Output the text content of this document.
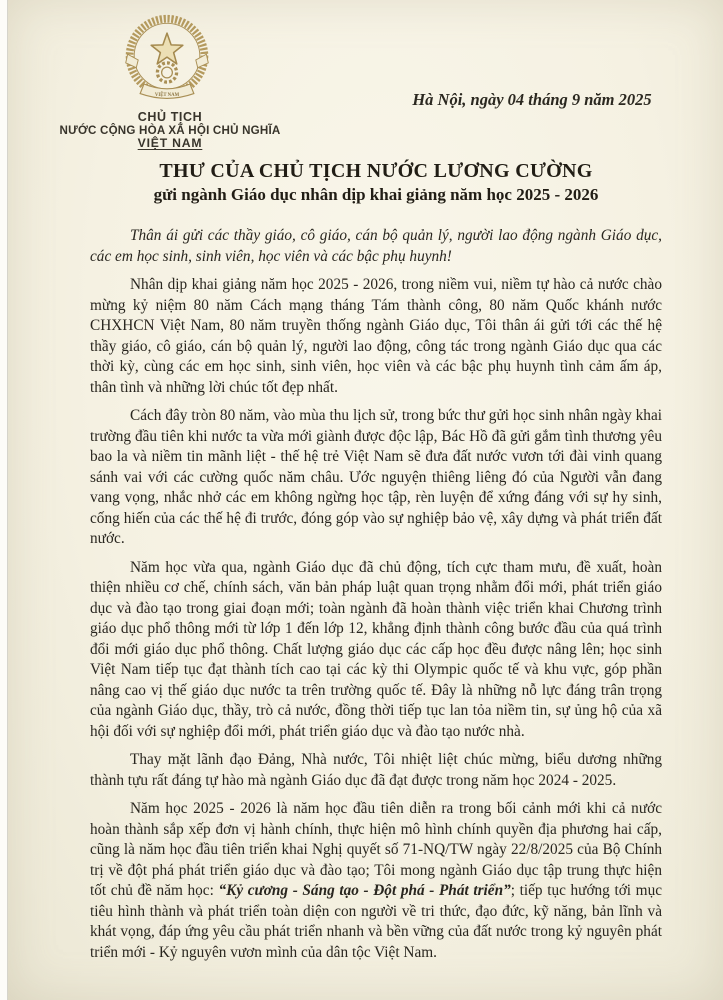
VIỆT NAM
CHỦ TỊCH
NƯỚC CỘNG HÒA XÃ HỘI CHỦ NGHĨA
VIỆT NAM
Hà Nội, ngày 04 tháng 9 năm 2025
THƯ CỦA CHỦ TỊCH NƯỚC LƯƠNG CƯỜNG
gửi ngành Giáo dục nhân dịp khai giảng năm học 2025 - 2026

Thân ái gửi các thầy giáo, cô giáo, cán bộ quản lý, người lao động ngành Giáo dục, các em học sinh, sinh viên, học viên và các bậc phụ huynh!

Nhân dịp khai giảng năm học 2025 - 2026, trong niềm vui, niềm tự hào cả nước chào mừng kỷ niệm 80 năm Cách mạng tháng Tám thành công, 80 năm Quốc khánh nước CHXHCN Việt Nam, 80 năm truyền thống ngành Giáo dục, Tôi thân ái gửi tới các thế hệ thầy giáo, cô giáo, cán bộ quản lý, người lao động, công tác trong ngành Giáo dục qua các thời kỳ, cùng các em học sinh, sinh viên, học viên và các bậc phụ huynh tình cảm ấm áp, thân tình và những lời chúc tốt đẹp nhất.

Cách đây tròn 80 năm, vào mùa thu lịch sử, trong bức thư gửi học sinh nhân ngày khai trường đầu tiên khi nước ta vừa mới giành được độc lập, Bác Hồ đã gửi gắm tình thương yêu bao la và niềm tin mãnh liệt - thế hệ trẻ Việt Nam sẽ đưa đất nước vươn tới đài vinh quang sánh vai với các cường quốc năm châu. Ước nguyện thiêng liêng đó của Người vẫn đang vang vọng, nhắc nhở các em không ngừng học tập, rèn luyện để xứng đáng với sự hy sinh, cống hiến của các thế hệ đi trước, đóng góp vào sự nghiệp bảo vệ, xây dựng và phát triển đất nước.

Năm học vừa qua, ngành Giáo dục đã chủ động, tích cực tham mưu, đề xuất, hoàn thiện nhiều cơ chế, chính sách, văn bản pháp luật quan trọng nhằm đổi mới, phát triển giáo dục và đào tạo trong giai đoạn mới; toàn ngành đã hoàn thành việc triển khai Chương trình giáo dục phổ thông mới từ lớp 1 đến lớp 12, khẳng định thành công bước đầu của quá trình đổi mới giáo dục phổ thông. Chất lượng giáo dục các cấp học đều được nâng lên; học sinh Việt Nam tiếp tục đạt thành tích cao tại các kỳ thi Olympic quốc tế và khu vực, góp phần nâng cao vị thế giáo dục nước ta trên trường quốc tế. Đây là những nỗ lực đáng trân trọng của ngành Giáo dục, thầy, trò cả nước, đồng thời tiếp tục lan tỏa niềm tin, sự ủng hộ của xã hội đối với sự nghiệp đổi mới, phát triển giáo dục và đào tạo nước nhà.

Thay mặt lãnh đạo Đảng, Nhà nước, Tôi nhiệt liệt chúc mừng, biểu dương những thành tựu rất đáng tự hào mà ngành Giáo dục đã đạt được trong năm học 2024 - 2025.

Năm học 2025 - 2026 là năm học đầu tiên diễn ra trong bối cảnh mới khi cả nước hoàn thành sắp xếp đơn vị hành chính, thực hiện mô hình chính quyền địa phương hai cấp, cũng là năm học đầu tiên triển khai Nghị quyết số 71-NQ/TW ngày 22/8/2025 của Bộ Chính trị về đột phá phát triển giáo dục và đào tạo; Tôi mong ngành Giáo dục tập trung thực hiện tốt chủ đề năm học: “Kỷ cương - Sáng tạo - Đột phá - Phát triển”; tiếp tục hướng tới mục tiêu hình thành và phát triển toàn diện con người về tri thức, đạo đức, kỹ năng, bản lĩnh và khát vọng, đáp ứng yêu cầu phát triển nhanh và bền vững của đất nước trong kỷ nguyên phát triển mới - Kỷ nguyên vươn mình của dân tộc Việt Nam.
